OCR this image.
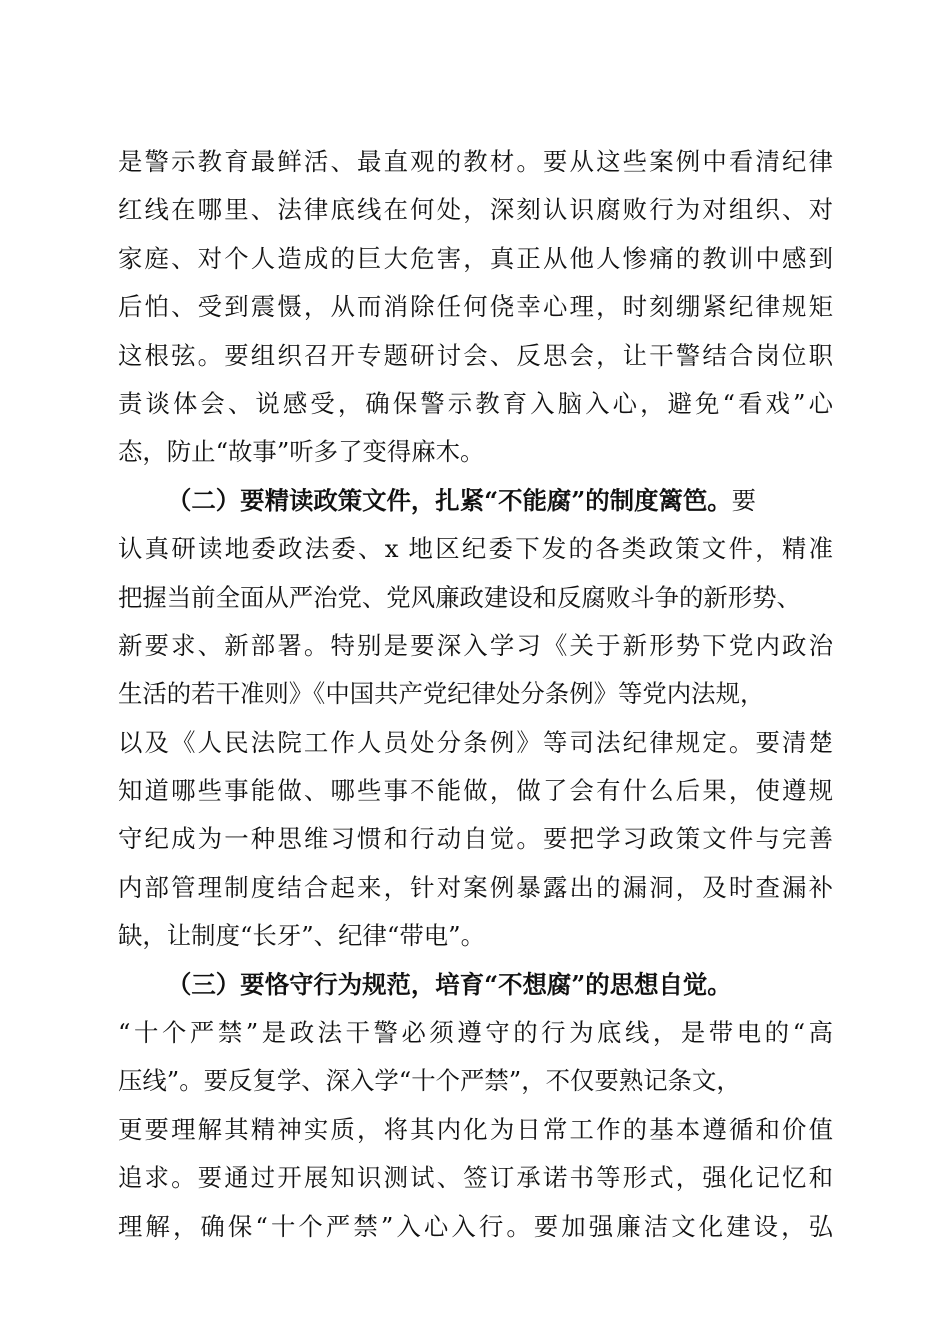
是警示教育最鲜活、最直观的教材。要从这些案例中看清纪律
红线在哪里、法律底线在何处，深刻认识腐败行为对组织、对
家庭、对个人造成的巨大危害，真正从他人惨痛的教训中感到
后怕、受到震慑，从而消除任何侥幸心理，时刻绷紧纪律规矩
这根弦。要组织召开专题研讨会、反思会，让干警结合岗位职
责谈体会、说感受，确保警示教育入脑入心，避免“看戏”心
态，防止“故事”听多了变得麻木。
（二）要精读政策文件，扎紧“不能腐”的制度篱笆。要
认真研读地委政法委、x 地区纪委下发的各类政策文件，精准
把握当前全面从严治党、党风廉政建设和反腐败斗争的新形势、
新要求、新部署。特别是要深入学习《关于新形势下党内政治
生活的若干准则》《中国共产党纪律处分条例》等党内法规，
以及《人民法院工作人员处分条例》等司法纪律规定。要清楚
知道哪些事能做、哪些事不能做，做了会有什么后果，使遵规
守纪成为一种思维习惯和行动自觉。要把学习政策文件与完善
内部管理制度结合起来，针对案例暴露出的漏洞，及时查漏补
缺，让制度“长牙”、纪律“带电”。
（三）要恪守行为规范，培育“不想腐”的思想自觉。
“十个严禁”是政法干警必须遵守的行为底线，是带电的“高
压线”。要反复学、深入学“十个严禁”，不仅要熟记条文，
更要理解其精神实质，将其内化为日常工作的基本遵循和价值
追求。要通过开展知识测试、签订承诺书等形式，强化记忆和
理解，确保“十个严禁”入心入行。要加强廉洁文化建设，弘
